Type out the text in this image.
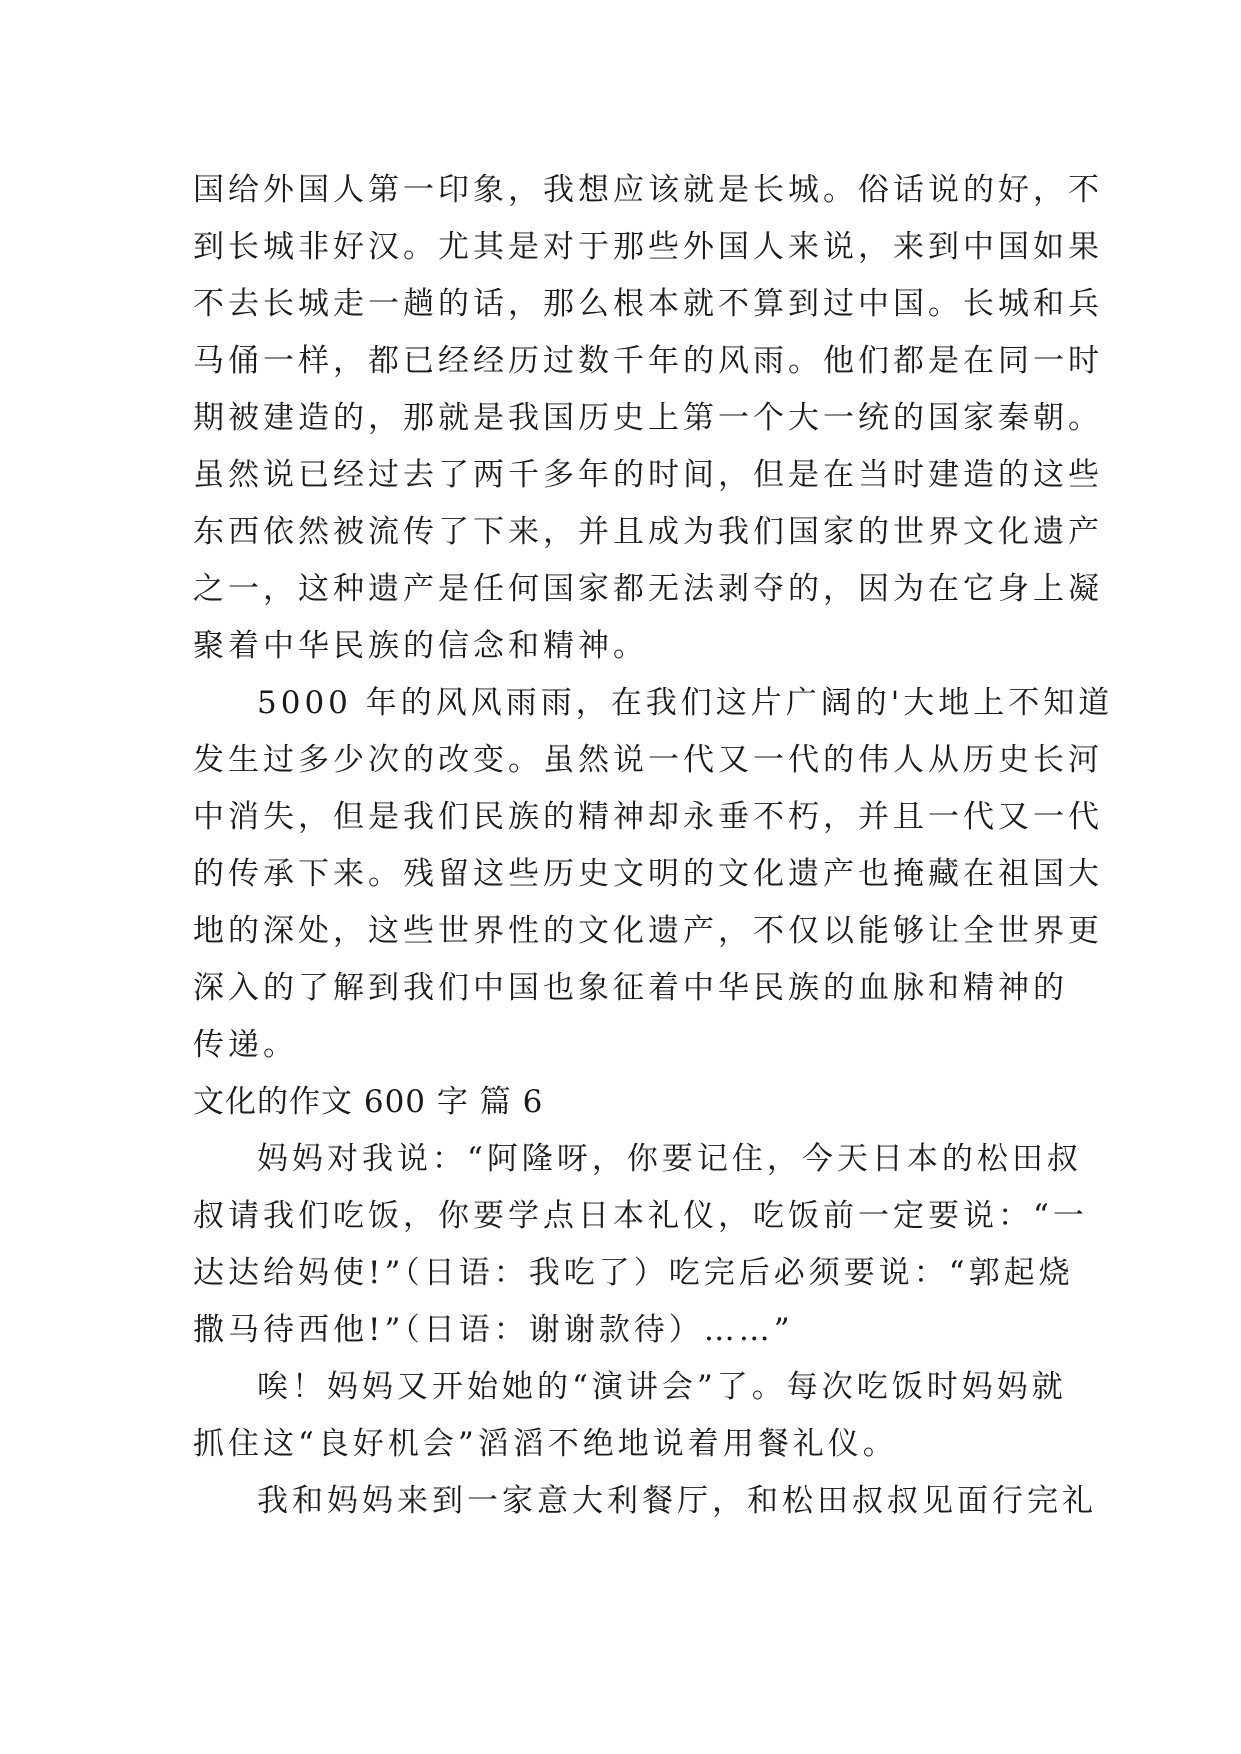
国给外国人第一印象，我想应该就是长城。俗话说的好，不
到长城非好汉。尤其是对于那些外国人来说，来到中国如果
不去长城走一趟的话，那么根本就不算到过中国。长城和兵
马俑一样，都已经经历过数千年的风雨。他们都是在同一时
期被建造的，那就是我国历史上第一个大一统的国家秦朝。
虽然说已经过去了两千多年的时间，但是在当时建造的这些
东西依然被流传了下来，并且成为我们国家的世界文化遗产
之一，这种遗产是任何国家都无法剥夺的，因为在它身上凝
聚着中华民族的信念和精神。
5000 年的风风雨雨，在我们这片广阔的'大地上不知道
发生过多少次的改变。虽然说一代又一代的伟人从历史长河
中消失，但是我们民族的精神却永垂不朽，并且一代又一代
的传承下来。残留这些历史文明的文化遗产也掩藏在祖国大
地的深处，这些世界性的文化遗产，不仅以能够让全世界更
深入的了解到我们中国也象征着中华民族的血脉和精神的
传递。
文化的作文 600 字 篇 6
妈妈对我说：“阿隆呀，你要记住，今天日本的松田叔
叔请我们吃饭，你要学点日本礼仪，吃饭前一定要说：“一
达达给妈使!”（日语：我吃了）吃完后必须要说：“郭起烧
撒马待西他!”（日语：谢谢款待）……”
唉！妈妈又开始她的“演讲会”了。每次吃饭时妈妈就
抓住这“良好机会”滔滔不绝地说着用餐礼仪。
我和妈妈来到一家意大利餐厅，和松田叔叔见面行完礼
